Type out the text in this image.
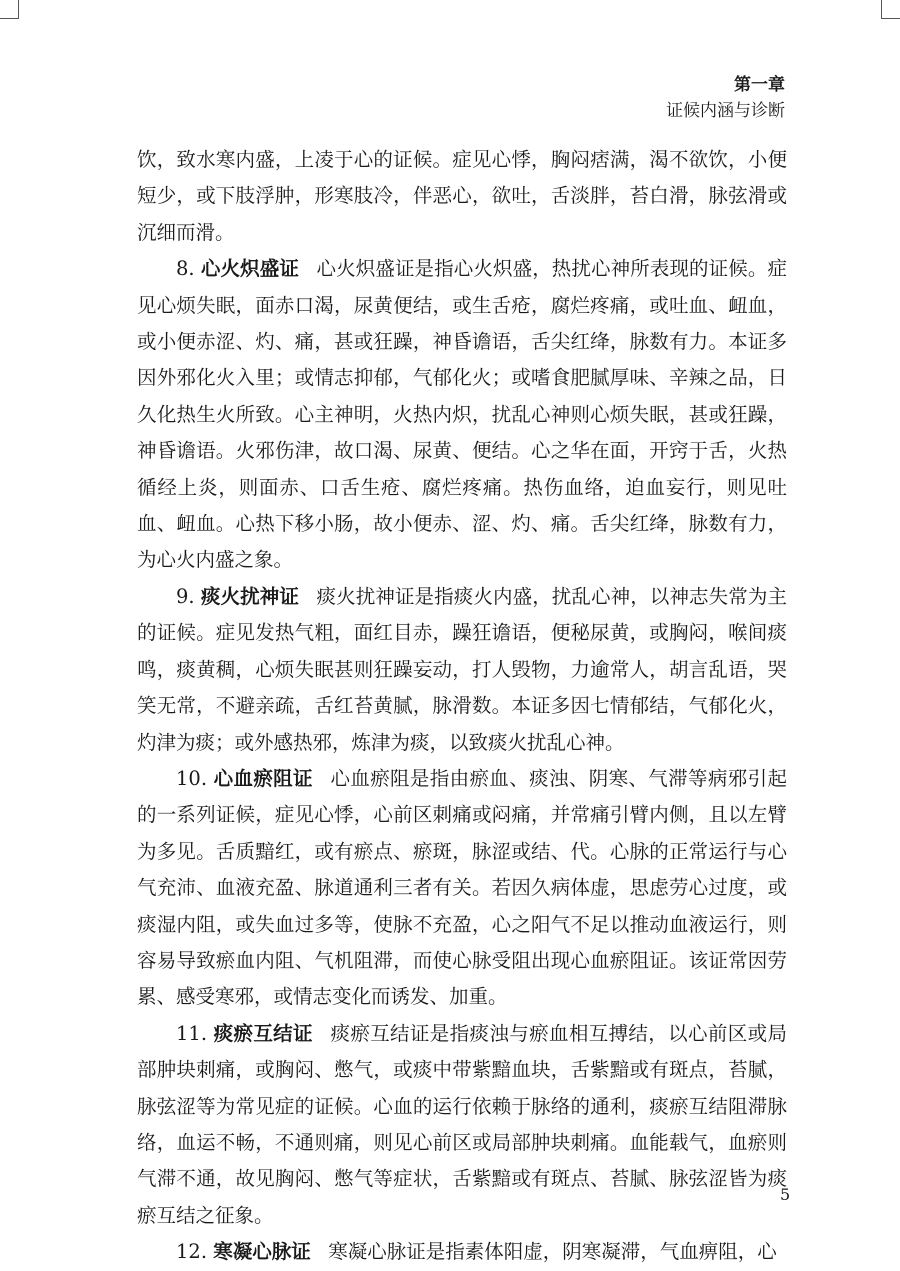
第一章
证候内涵与诊断

饮，致水寒内盛，上凌于心的证候。症见心悸，胸闷痞满，渴不欲饮，小便短少，或下肢浮肿，形寒肢冷，伴恶心，欲吐，舌淡胖，苔白滑，脉弦滑或沉细而滑。

8. 心火炽盛证 心火炽盛证是指心火炽盛，热扰心神所表现的证候。症见心烦失眠，面赤口渴，尿黄便结，或生舌疮，腐烂疼痛，或吐血、衄血，或小便赤涩、灼、痛，甚或狂躁，神昏谵语，舌尖红绛，脉数有力。本证多因外邪化火入里；或情志抑郁，气郁化火；或嗜食肥腻厚味、辛辣之品，日久化热生火所致。心主神明，火热内炽，扰乱心神则心烦失眠，甚或狂躁，神昏谵语。火邪伤津，故口渴、尿黄、便结。心之华在面，开窍于舌，火热循经上炎，则面赤、口舌生疮、腐烂疼痛。热伤血络，迫血妄行，则见吐血、衄血。心热下移小肠，故小便赤、涩、灼、痛。舌尖红绛，脉数有力，为心火内盛之象。

9. 痰火扰神证 痰火扰神证是指痰火内盛，扰乱心神，以神志失常为主的证候。症见发热气粗，面红目赤，躁狂谵语，便秘尿黄，或胸闷，喉间痰鸣，痰黄稠，心烦失眠甚则狂躁妄动，打人毁物，力逾常人，胡言乱语，哭笑无常，不避亲疏，舌红苔黄腻，脉滑数。本证多因七情郁结，气郁化火，灼津为痰；或外感热邪，炼津为痰，以致痰火扰乱心神。

10. 心血瘀阻证 心血瘀阻是指由瘀血、痰浊、阴寒、气滞等病邪引起的一系列证候，症见心悸，心前区刺痛或闷痛，并常痛引臂内侧，且以左臂为多见。舌质黯红，或有瘀点、瘀斑，脉涩或结、代。心脉的正常运行与心气充沛、血液充盈、脉道通利三者有关。若因久病体虚，思虑劳心过度，或痰湿内阻，或失血过多等，使脉不充盈，心之阳气不足以推动血液运行，则容易导致瘀血内阻、气机阻滞，而使心脉受阻出现心血瘀阻证。该证常因劳累、感受寒邪，或情志变化而诱发、加重。

11. 痰瘀互结证 痰瘀互结证是指痰浊与瘀血相互搏结，以心前区或局部肿块刺痛，或胸闷、憋气，或痰中带紫黯血块，舌紫黯或有斑点，苔腻，脉弦涩等为常见症的证候。心血的运行依赖于脉络的通利，痰瘀互结阻滞脉络，血运不畅，不通则痛，则见心前区或局部肿块刺痛。血能载气，血瘀则气滞不通，故见胸闷、憋气等症状，舌紫黯或有斑点、苔腻、脉弦涩皆为痰瘀互结之征象。

12. 寒凝心脉证 寒凝心脉证是指素体阳虚，阴寒凝滞，气血痹阻，心

5
